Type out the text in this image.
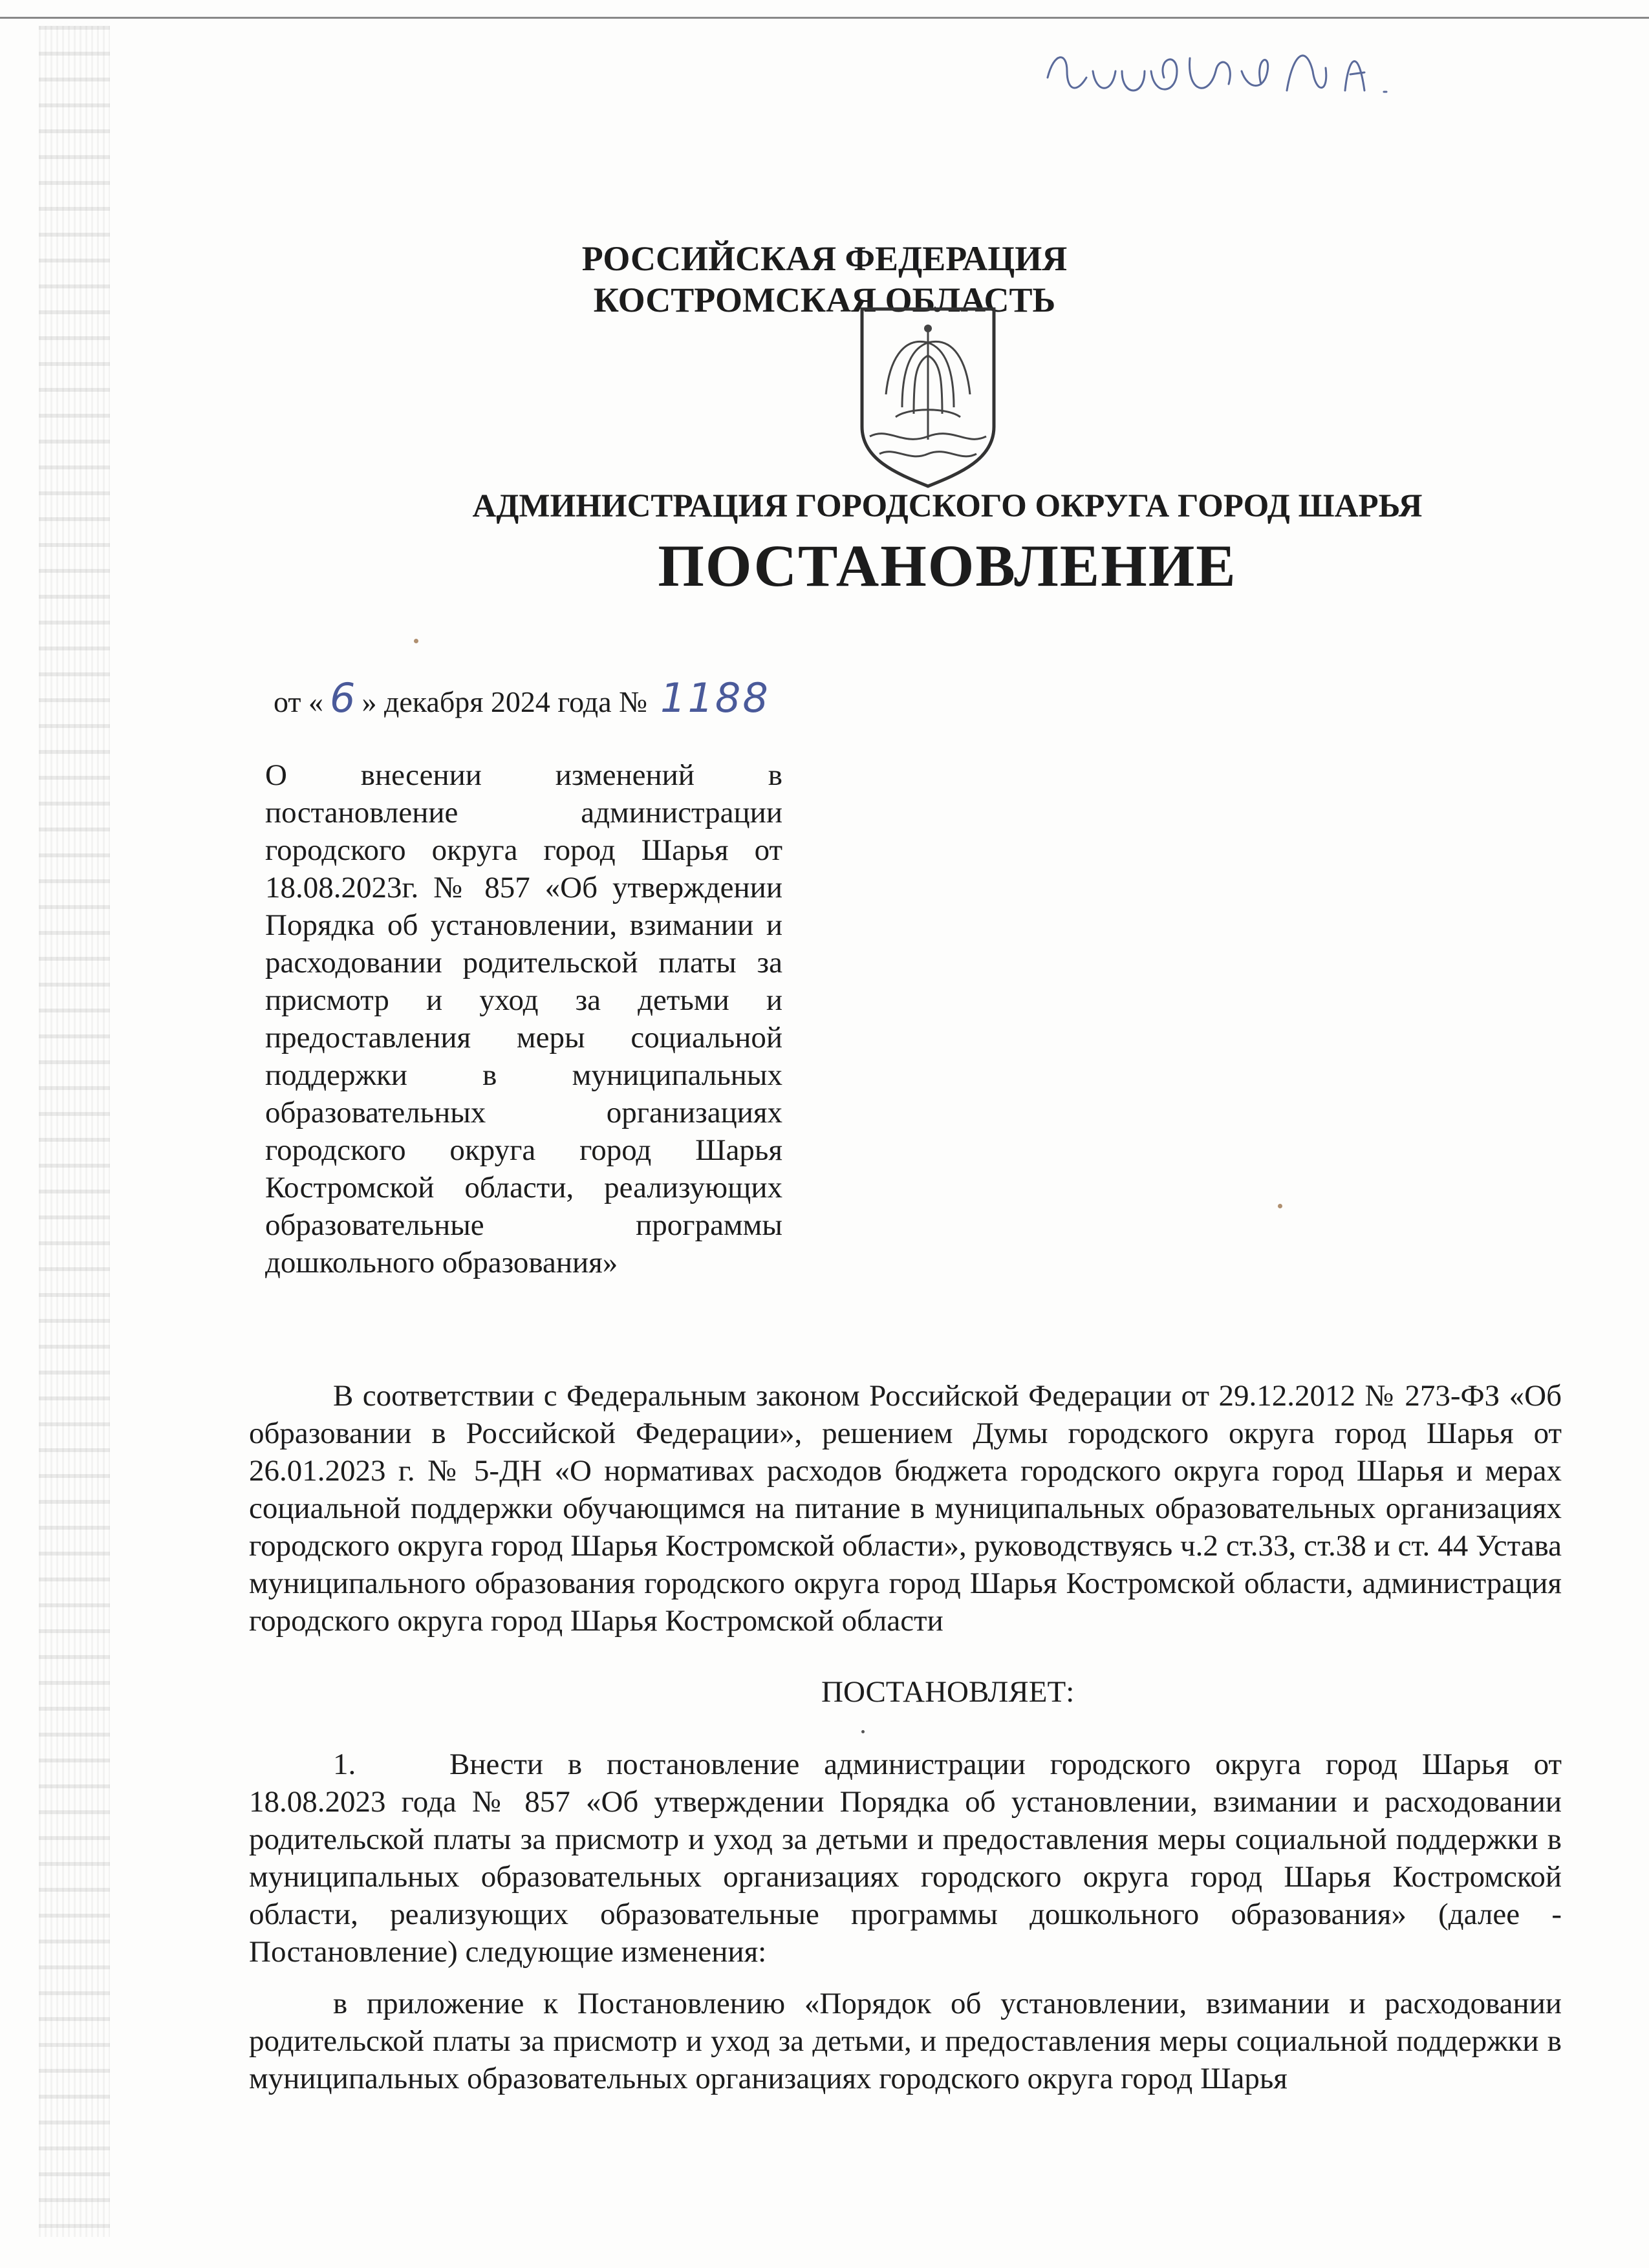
РОССИЙСКАЯ ФЕДЕРАЦИЯ
КОСТРОМСКАЯ ОБЛАСТЬ
АДМИНИСТРАЦИЯ ГОРОДСКОГО ОКРУГА ГОРОД ШАРЬЯ
ПОСТАНОВЛЕНИЕ
от « 6 » декабря 2024 года № 1188
О внесении изменений в постановление администрации городского округа город Шарья от 18.08.2023г. № 857 «Об утверждении Порядка об установлении, взимании и расходовании родительской платы за присмотр и уход за детьми и предоставления меры социальной поддержки в муниципальных образовательных организациях городского округа город Шарья Костромской области, реализующих образовательные программы дошкольного образования»
В соответствии с Федеральным законом Российской Федерации от 29.12.2012 № 273-ФЗ «Об образовании в Российской Федерации», решением Думы городского округа город Шарья от 26.01.2023 г. № 5-ДН «О нормативах расходов бюджета городского округа город Шарья и мерах социальной поддержки обучающимся на питание в муниципальных образовательных организациях городского округа город Шарья Костромской области», руководствуясь ч.2 ст.33, ст.38 и ст. 44 Устава муниципального образования городского округа город Шарья Костромской области, администрация городского округа город Шарья Костромской области
ПОСТАНОВЛЯЕТ:
1.	Внести в постановление администрации городского округа город Шарья от 18.08.2023 года № 857 «Об утверждении Порядка об установлении, взимании и расходовании родительской платы за присмотр и уход за детьми и предоставления меры социальной поддержки в муниципальных образовательных организациях городского округа город Шарья Костромской области, реализующих образовательные программы дошкольного образования» (далее - Постановление) следующие изменения:
в приложение к Постановлению «Порядок об установлении, взимании и расходовании родительской платы за присмотр и уход за детьми, и предоставления меры социальной поддержки в муниципальных образовательных организациях городского округа город Шарья
